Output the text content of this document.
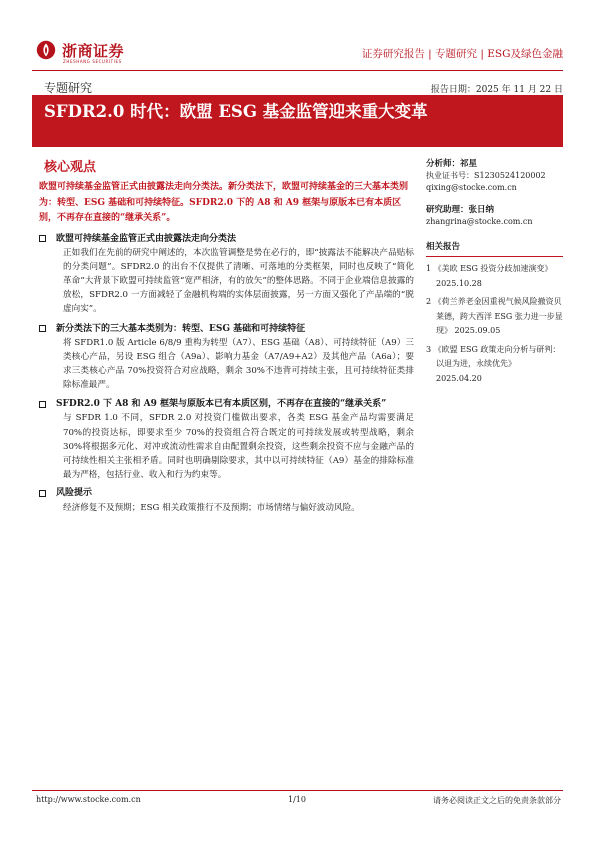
浙商证券
ZHESHANG SECURITIES
证券研究报告 | 专题研究 | ESG及绿色金融
专题研究	报告日期：2025 年 11 月 22 日
SFDR2.0 时代：欧盟 ESG 基金监管迎来重大变革
核心观点

欧盟可持续基金监管正式由披露法走向分类法。新分类法下，欧盟可持续基金的三大基本类别为：转型、ESG 基础和可持续特征。SFDR2.0 下的 A8 和 A9 框架与原版本已有本质区别，不再存在直接的“继承关系”。

欧盟可持续基金监管正式由披露法走向分类法

正如我们在先前的研究中阐述的，本次监管调整是势在必行的，即“披露法不能解决产品贴标的分类问题”。SFDR2.0 的出台不仅提供了清晰、可落地的分类框架，同时也反映了“简化革命”大背景下欧盟可持续监管“宽严相济，有的放矢”的整体思路。不同于企业端信息披露的放松，SFDR2.0 一方面减轻了金融机构端的实体层面披露，另一方面又强化了产品端的“脱虚向实”。

新分类法下的三大基本类别为：转型、ESG 基础和可持续特征

将 SFDR1.0 版 Article 6/8/9 重构为转型（A7）、ESG 基础（A8）、可持续特征（A9）三类核心产品，另设 ESG 组合（A9a）、影响力基金（A7/A9+A2）及其他产品（A6a）；要求三类核心产品 70%投资符合对应战略，剩余 30%不违背可持续主张，且可持续特征类排除标准最严。

SFDR2.0 下 A8 和 A9 框架与原版本已有本质区别，不再存在直接的“继承关系”

与 SFDR 1.0 不同，SFDR 2.0 对投资门槛做出要求，各类 ESG 基金产品均需要满足 70%的投资达标，即要求至少 70%的投资组合符合既定的可持续发展或转型战略，剩余 30%将根据多元化、对冲或流动性需求自由配置剩余投资，这些剩余投资不应与金融产品的可持续性相关主张相矛盾。同时也明确剔除要求，其中以可持续特征（A9）基金的排除标准最为严格，包括行业、收入和行为约束等。

风险提示

经济修复不及预期；ESG 相关政策推行不及预期；市场情绪与偏好波动风险。

分析师：祁星
执业证书号：S1230524120002
qixing@stocke.com.cn
研究助理：张日纳
zhangrina@stocke.com.cn
相关报告
1 《美欧 ESG 投资分歧加速演变》 2025.10.28
2 《荷兰养老金因重视气候风险撤资贝莱德，跨大西洋 ESG 张力进一步显现》 2025.09.05
3 《欧盟 ESG 政策走向分析与研判：以退为进，永续优先》 2025.04.20
http://www.stocke.com.cn	1/10	请务必阅读正文之后的免责条款部分
